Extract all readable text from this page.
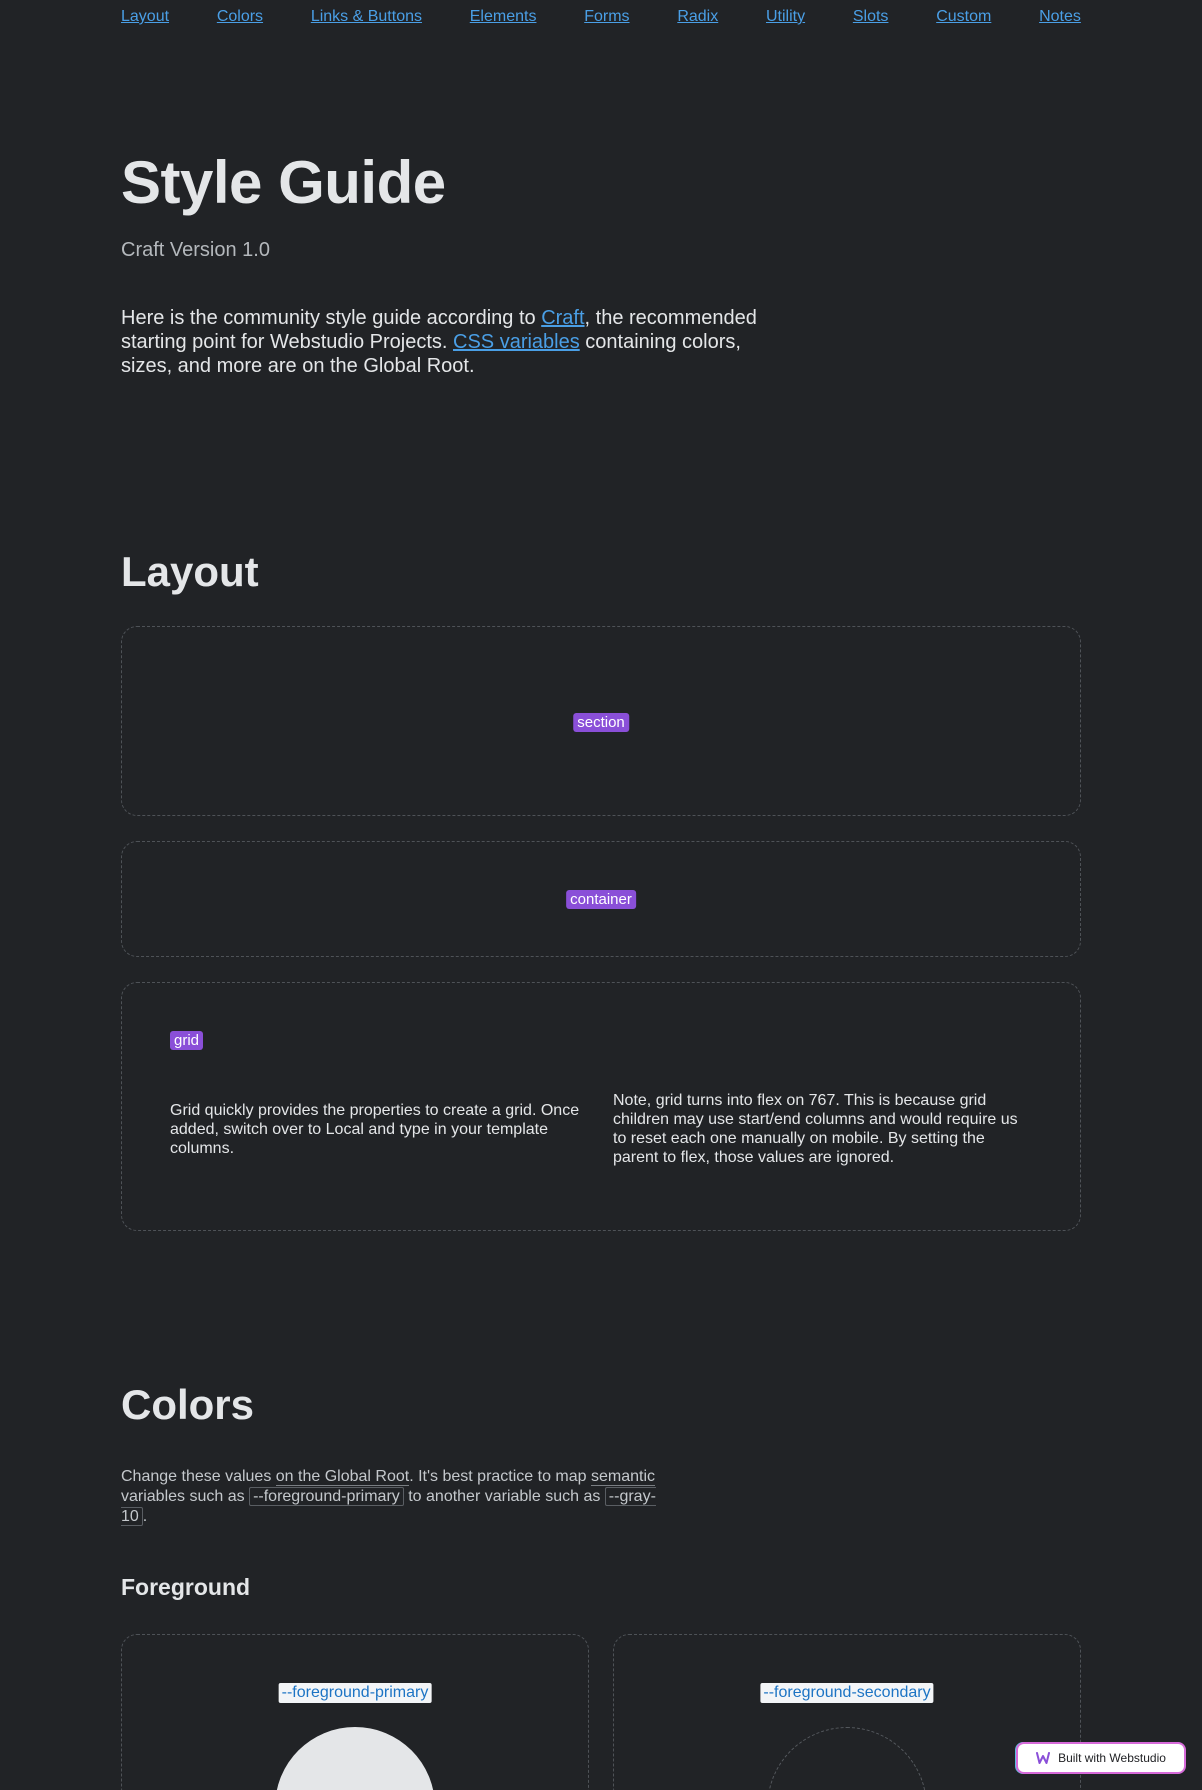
Layout	Colors	Links & Buttons	Elements	Forms	Radix	Utility	Slots	Custom	Notes
Style Guide
Craft Version 1.0

Here is the community style guide according to Craft, the recommended starting point for Webstudio Projects. CSS variables containing colors, sizes, and more are on the Global Root.

Layout
section
container
grid

Grid quickly provides the properties to create a grid. Once added, switch over to Local and type in your template columns.

Note, grid turns into flex on 767. This is because grid children may use start/end columns and would require us to reset each one manually on mobile. By setting the parent to flex, those values are ignored.

Colors

Change these values on the Global Root. It's best practice to map semantic variables such as --foreground-primary to another variable such as --gray-10 .

Foreground
--foreground-primary	--foreground-secondary
Built with Webstudio
